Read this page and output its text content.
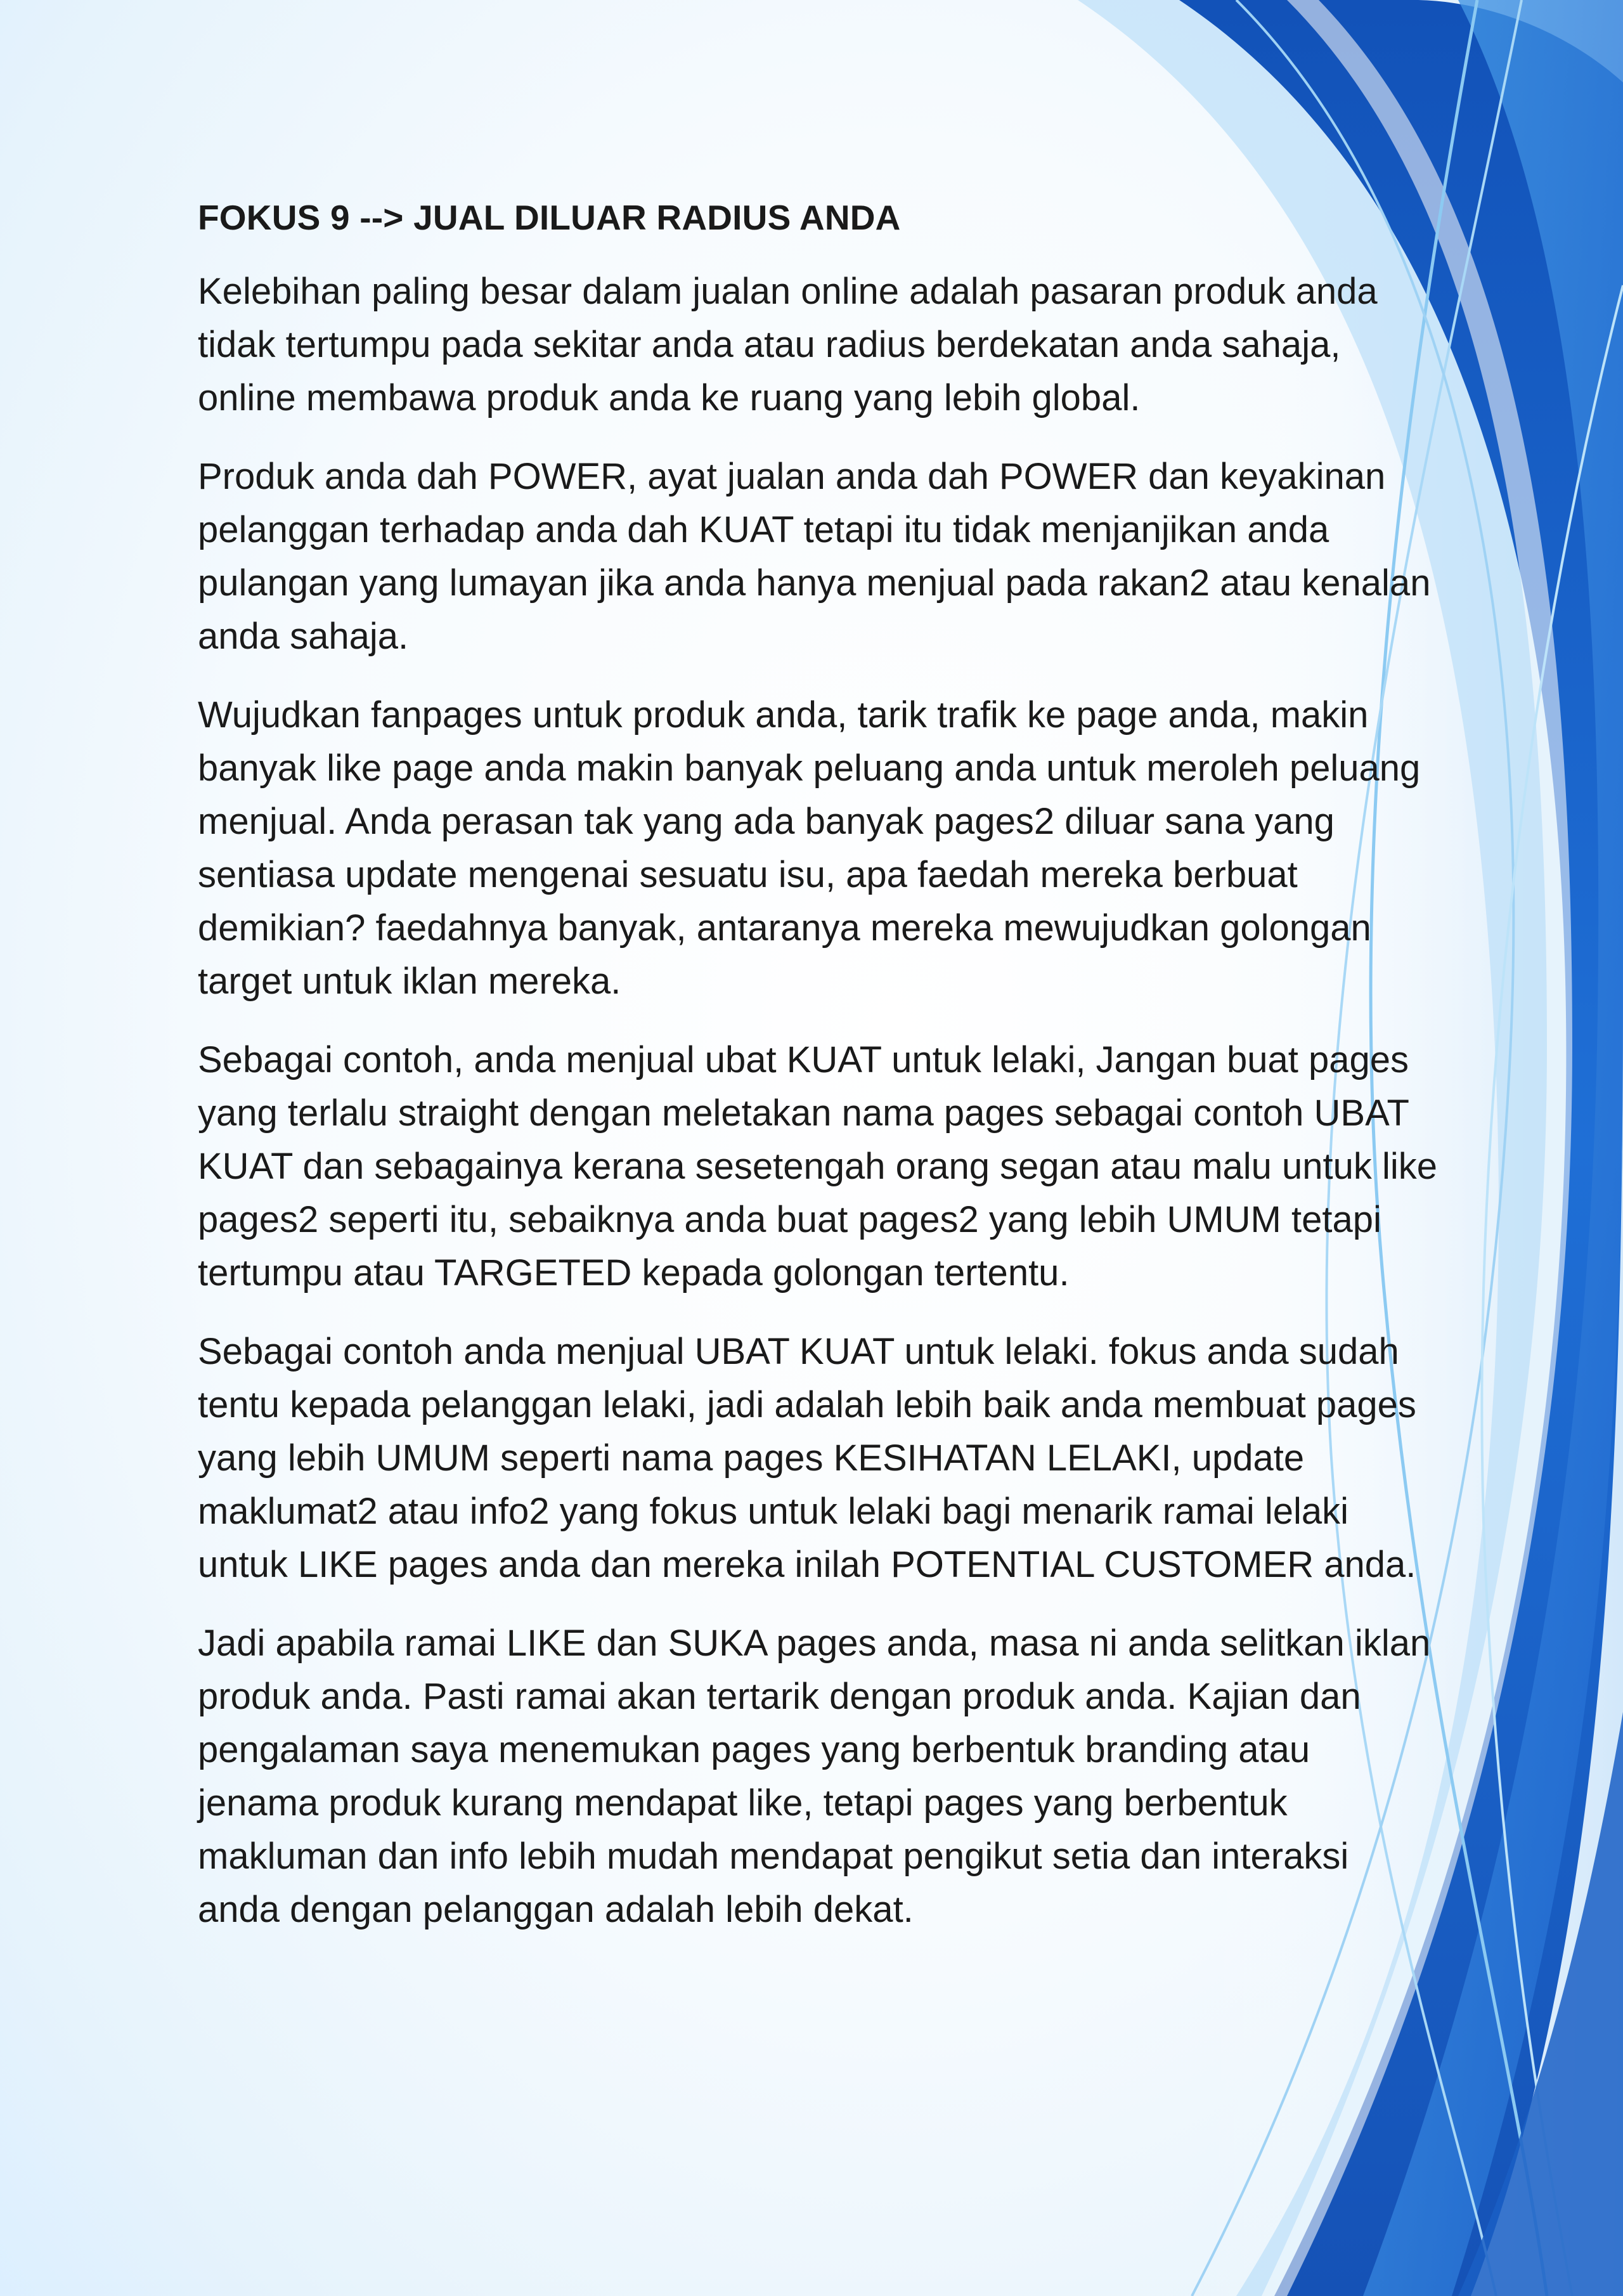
FOKUS 9 --> JUAL DILUAR RADIUS ANDA

Kelebihan paling besar dalam jualan online adalah pasaran produk anda tidak tertumpu pada sekitar anda atau radius berdekatan anda sahaja, online membawa produk anda ke ruang yang lebih global.

Produk anda dah POWER, ayat jualan anda dah POWER dan keyakinan pelanggan terhadap anda dah KUAT tetapi itu tidak menjanjikan anda pulangan yang lumayan jika anda hanya menjual pada rakan2 atau kenalan anda sahaja.

Wujudkan fanpages untuk produk anda, tarik trafik ke page anda, makin banyak like page anda makin banyak peluang anda untuk meroleh peluang menjual. Anda perasan tak yang ada banyak pages2 diluar sana yang sentiasa update mengenai sesuatu isu, apa faedah mereka berbuat demikian? faedahnya banyak, antaranya mereka mewujudkan golongan target untuk iklan mereka.

Sebagai contoh, anda menjual ubat KUAT untuk lelaki, Jangan buat pages yang terlalu straight dengan meletakan nama pages sebagai contoh UBAT KUAT dan sebagainya kerana sesetengah orang segan atau malu untuk like pages2 seperti itu, sebaiknya anda buat pages2 yang lebih UMUM tetapi tertumpu atau TARGETED kepada golongan tertentu.

Sebagai contoh anda menjual UBAT KUAT untuk lelaki. fokus anda sudah tentu kepada pelanggan lelaki, jadi adalah lebih baik anda membuat pages yang lebih UMUM seperti nama pages KESIHATAN LELAKI, update maklumat2 atau info2 yang fokus untuk lelaki bagi menarik ramai lelaki untuk LIKE pages anda dan mereka inilah POTENTIAL CUSTOMER anda.

Jadi apabila ramai LIKE dan SUKA pages anda, masa ni anda selitkan iklan produk anda. Pasti ramai akan tertarik dengan produk anda. Kajian dan pengalaman saya menemukan pages yang berbentuk branding atau jenama produk kurang mendapat like, tetapi pages yang berbentuk makluman dan info lebih mudah mendapat pengikut setia dan interaksi anda dengan pelanggan adalah lebih dekat.
